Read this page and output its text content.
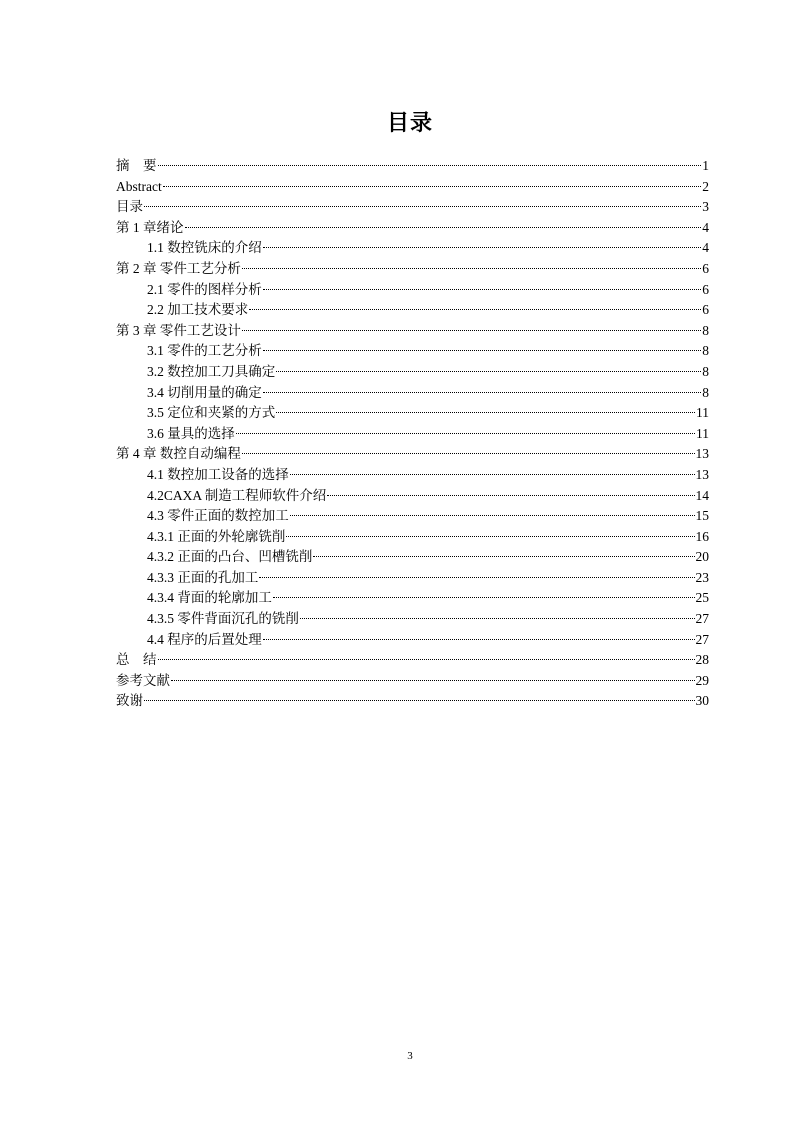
目录
摘　要	1
Abstract	2
目录	3
第 1 章绪论	4
1.1 数控铣床的介绍	4
第 2 章 零件工艺分析	6
2.1 零件的图样分析	6
2.2 加工技术要求	6
第 3 章 零件工艺设计	8
3.1 零件的工艺分析	8
3.2 数控加工刀具确定	8
3.4 切削用量的确定	8
3.5 定位和夹紧的方式	11
3.6 量具的选择	11
第 4 章 数控自动编程	13
4.1 数控加工设备的选择	13
4.2CAXA 制造工程师软件介绍	14
4.3 零件正面的数控加工	15
4.3.1 正面的外轮廓铣削	16
4.3.2 正面的凸台、凹槽铣削	20
4.3.3 正面的孔加工	23
4.3.4 背面的轮廓加工	25
4.3.5 零件背面沉孔的铣削	27
4.4 程序的后置处理	27
总　结	28
参考文献	29
致谢	30
3
